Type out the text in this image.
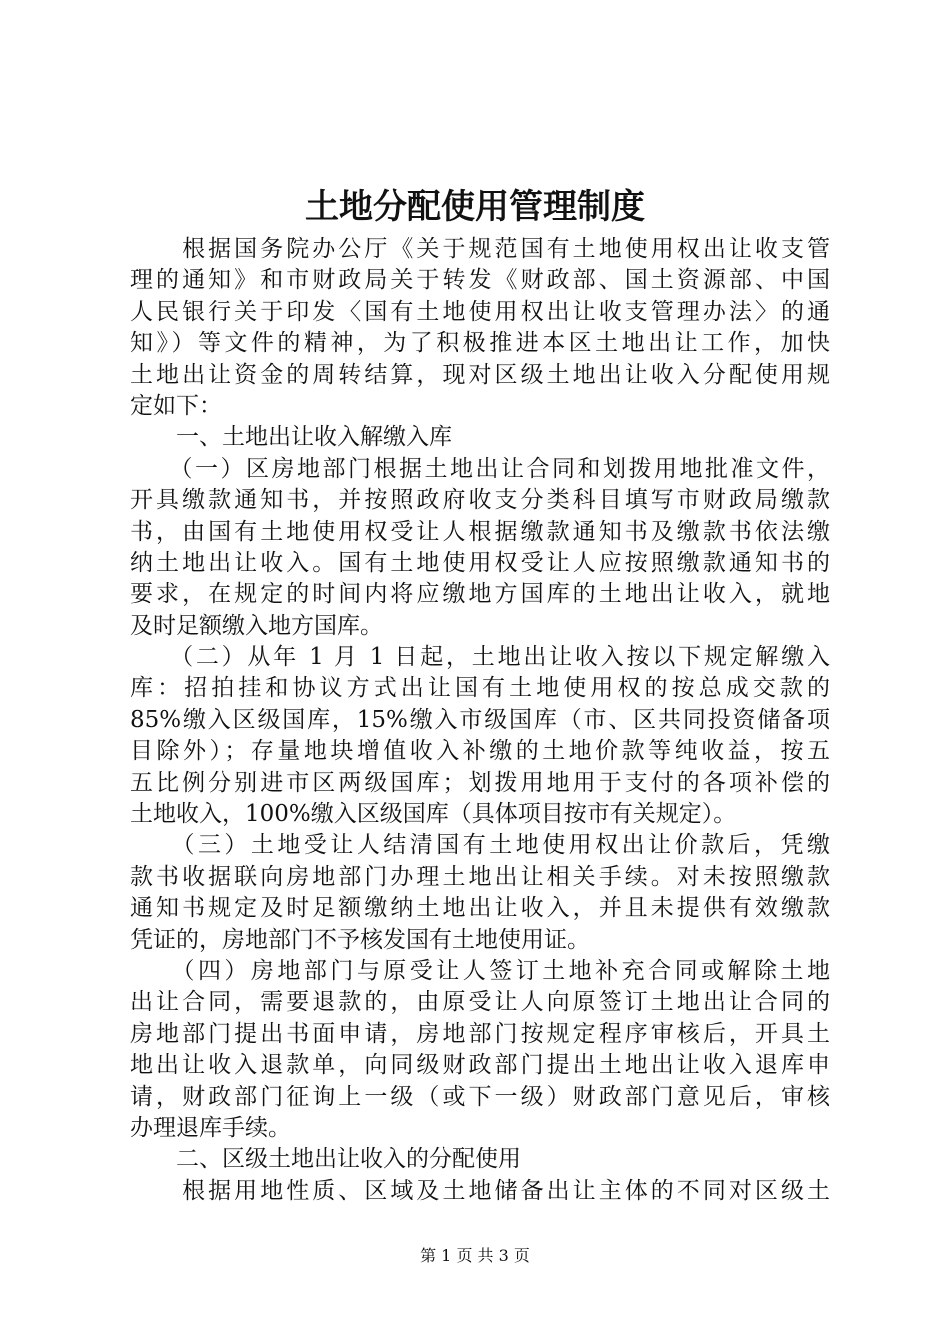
土地分配使用管理制度
　　根据国务院办公厅《关于规范国有土地使用权出让收支管
理的通知》和市财政局关于转发《财政部、国土资源部、中国
人民银行关于印发〈国有土地使用权出让收支管理办法〉的通
知》）等文件的精神，为了积极推进本区土地出让工作，加快
土地出让资金的周转结算，现对区级土地出让收入分配使用规
定如下：
　　一、土地出让收入解缴入库
　　（一）区房地部门根据土地出让合同和划拨用地批准文件，
开具缴款通知书，并按照政府收支分类科目填写市财政局缴款
书，由国有土地使用权受让人根据缴款通知书及缴款书依法缴
纳土地出让收入。国有土地使用权受让人应按照缴款通知书的
要求，在规定的时间内将应缴地方国库的土地出让收入，就地
及时足额缴入地方国库。
　　（二）从年 1 月 1 日起，土地出让收入按以下规定解缴入
库：招拍挂和协议方式出让国有土地使用权的按总成交款的
85%缴入区级国库，15%缴入市级国库（市、区共同投资储备项
目除外）；存量地块增值收入补缴的土地价款等纯收益，按五
五比例分别进市区两级国库；划拨用地用于支付的各项补偿的
土地收入，100%缴入区级国库（具体项目按市有关规定）。
　　（三）土地受让人结清国有土地使用权出让价款后，凭缴
款书收据联向房地部门办理土地出让相关手续。对未按照缴款
通知书规定及时足额缴纳土地出让收入，并且未提供有效缴款
凭证的，房地部门不予核发国有土地使用证。
　　（四）房地部门与原受让人签订土地补充合同或解除土地
出让合同，需要退款的，由原受让人向原签订土地出让合同的
房地部门提出书面申请，房地部门按规定程序审核后，开具土
地出让收入退款单，向同级财政部门提出土地出让收入退库申
请，财政部门征询上一级（或下一级）财政部门意见后，审核
办理退库手续。
　　二、区级土地出让收入的分配使用
　　根据用地性质、区域及土地储备出让主体的不同对区级土
第 1 页 共 3 页
